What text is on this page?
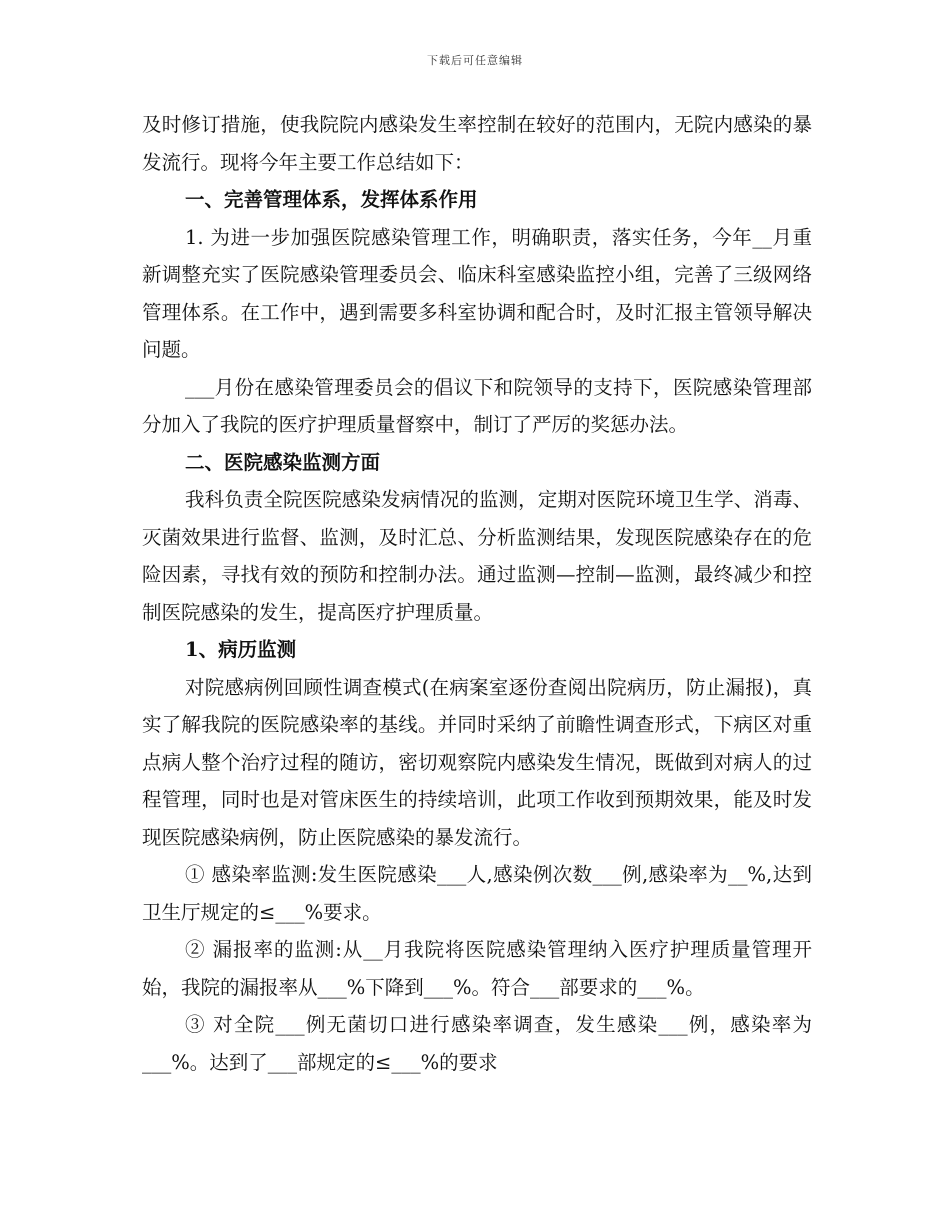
下载后可任意编辑

及时修订措施，使我院院内感染发生率控制在较好的范围内，无院内感染的暴发流行。现将今年主要工作总结如下：

一、完善管理体系，发挥体系作用

1. 为进一步加强医院感染管理工作，明确职责，落实任务，今年__月重新调整充实了医院感染管理委员会、临床科室感染监控小组，完善了三级网络管理体系。在工作中，遇到需要多科室协调和配合时，及时汇报主管领导解决问题。

___月份在感染管理委员会的倡议下和院领导的支持下，医院感染管理部分加入了我院的医疗护理质量督察中，制订了严厉的奖惩办法。

二、医院感染监测方面

我科负责全院医院感染发病情况的监测，定期对医院环境卫生学、消毒、灭菌效果进行监督、监测，及时汇总、分析监测结果，发现医院感染存在的危险因素，寻找有效的预防和控制办法。通过监测—控制—监测，最终减少和控制医院感染的发生，提高医疗护理质量。

1、病历监测

对院感病例回顾性调查模式(在病案室逐份查阅出院病历，防止漏报)，真实了解我院的医院感染率的基线。并同时采纳了前瞻性调查形式，下病区对重点病人整个治疗过程的随访，密切观察院内感染发生情况，既做到对病人的过程管理，同时也是对管床医生的持续培训，此项工作收到预期效果，能及时发现医院感染病例，防止医院感染的暴发流行。

① 感染率监测:发生医院感染___人,感染例次数___例,感染率为__%,达到卫生厅规定的≤___%要求。

② 漏报率的监测:从__月我院将医院感染管理纳入医疗护理质量管理开始，我院的漏报率从___%下降到___%。符合___部要求的___%。

③ 对全院___例无菌切口进行感染率调查，发生感染___例，感染率为___%。达到了___部规定的≤___%的要求
